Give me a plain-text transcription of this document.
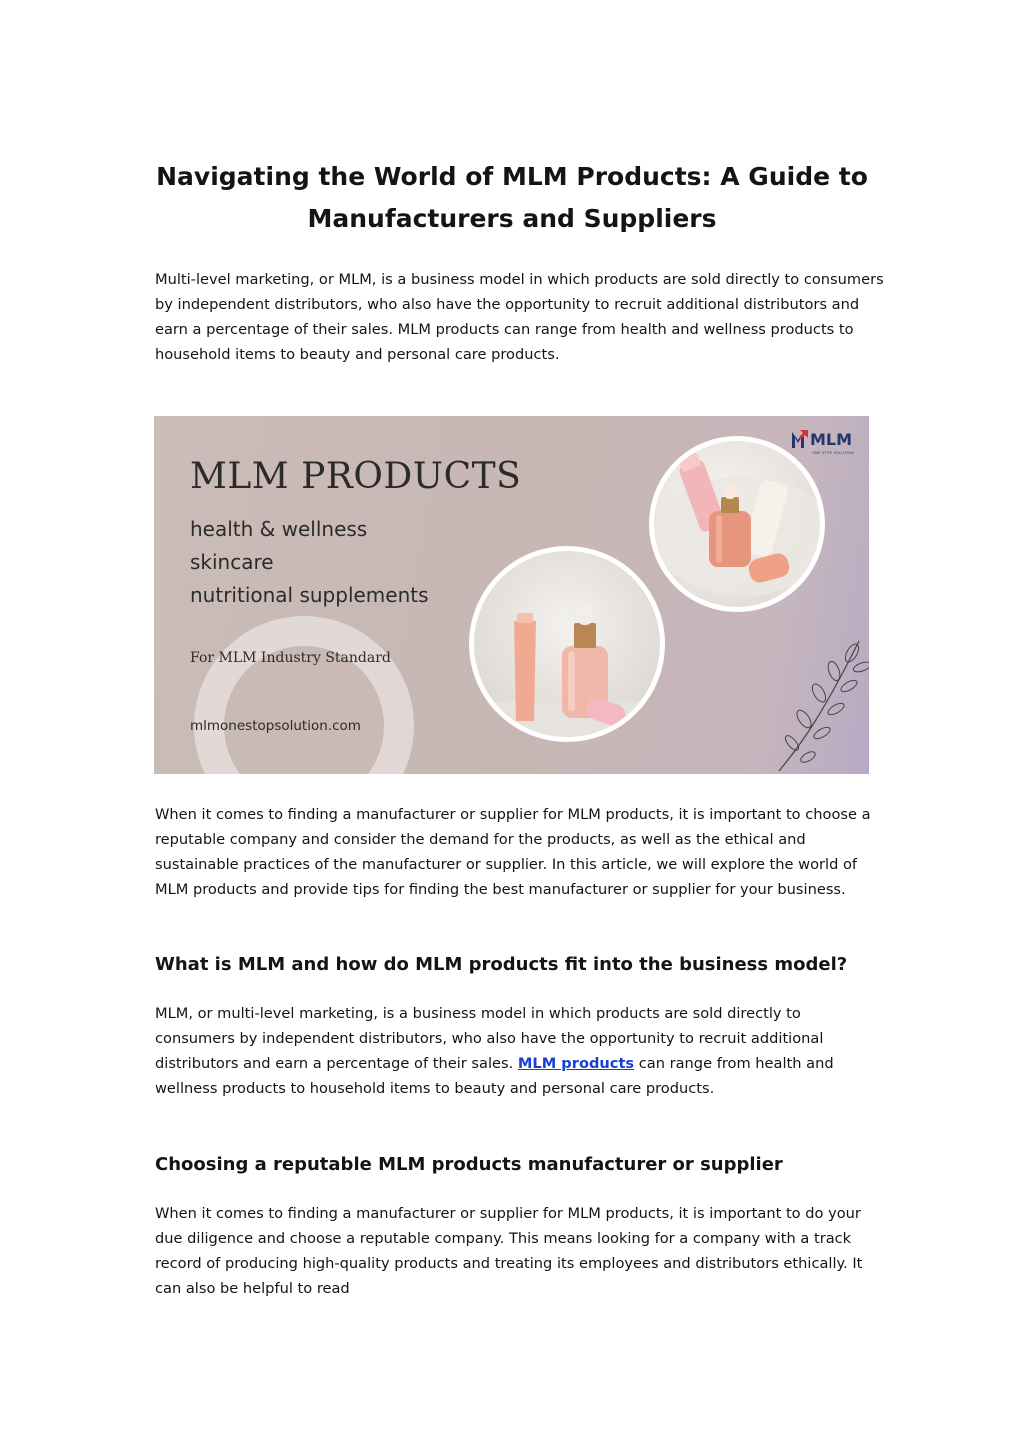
Navigating the World of MLM Products: A Guide to Manufacturers and Suppliers

Multi-level marketing, or MLM, is a business model in which products are sold directly to consumers by independent distributors, who also have the opportunity to recruit additional distributors and earn a percentage of their sales. MLM products can range from health and wellness products to household items to beauty and personal care products.

MLM PRODUCTS
health & wellness
skincare
nutritional supplements
For MLM Industry Standard
mlmonestopsolution.com
MLM
ONE STOP SOLUTION

When it comes to finding a manufacturer or supplier for MLM products, it is important to choose a reputable company and consider the demand for the products, as well as the ethical and sustainable practices of the manufacturer or supplier. In this article, we will explore the world of MLM products and provide tips for finding the best manufacturer or supplier for your business.

What is MLM and how do MLM products fit into the business model?

MLM, or multi-level marketing, is a business model in which products are sold directly to consumers by independent distributors, who also have the opportunity to recruit additional distributors and earn a percentage of their sales. MLM products can range from health and wellness products to household items to beauty and personal care products.

Choosing a reputable MLM products manufacturer or supplier

When it comes to finding a manufacturer or supplier for MLM products, it is important to do your due diligence and choose a reputable company. This means looking for a company with a track record of producing high-quality products and treating its employees and distributors ethically. It can also be helpful to read
